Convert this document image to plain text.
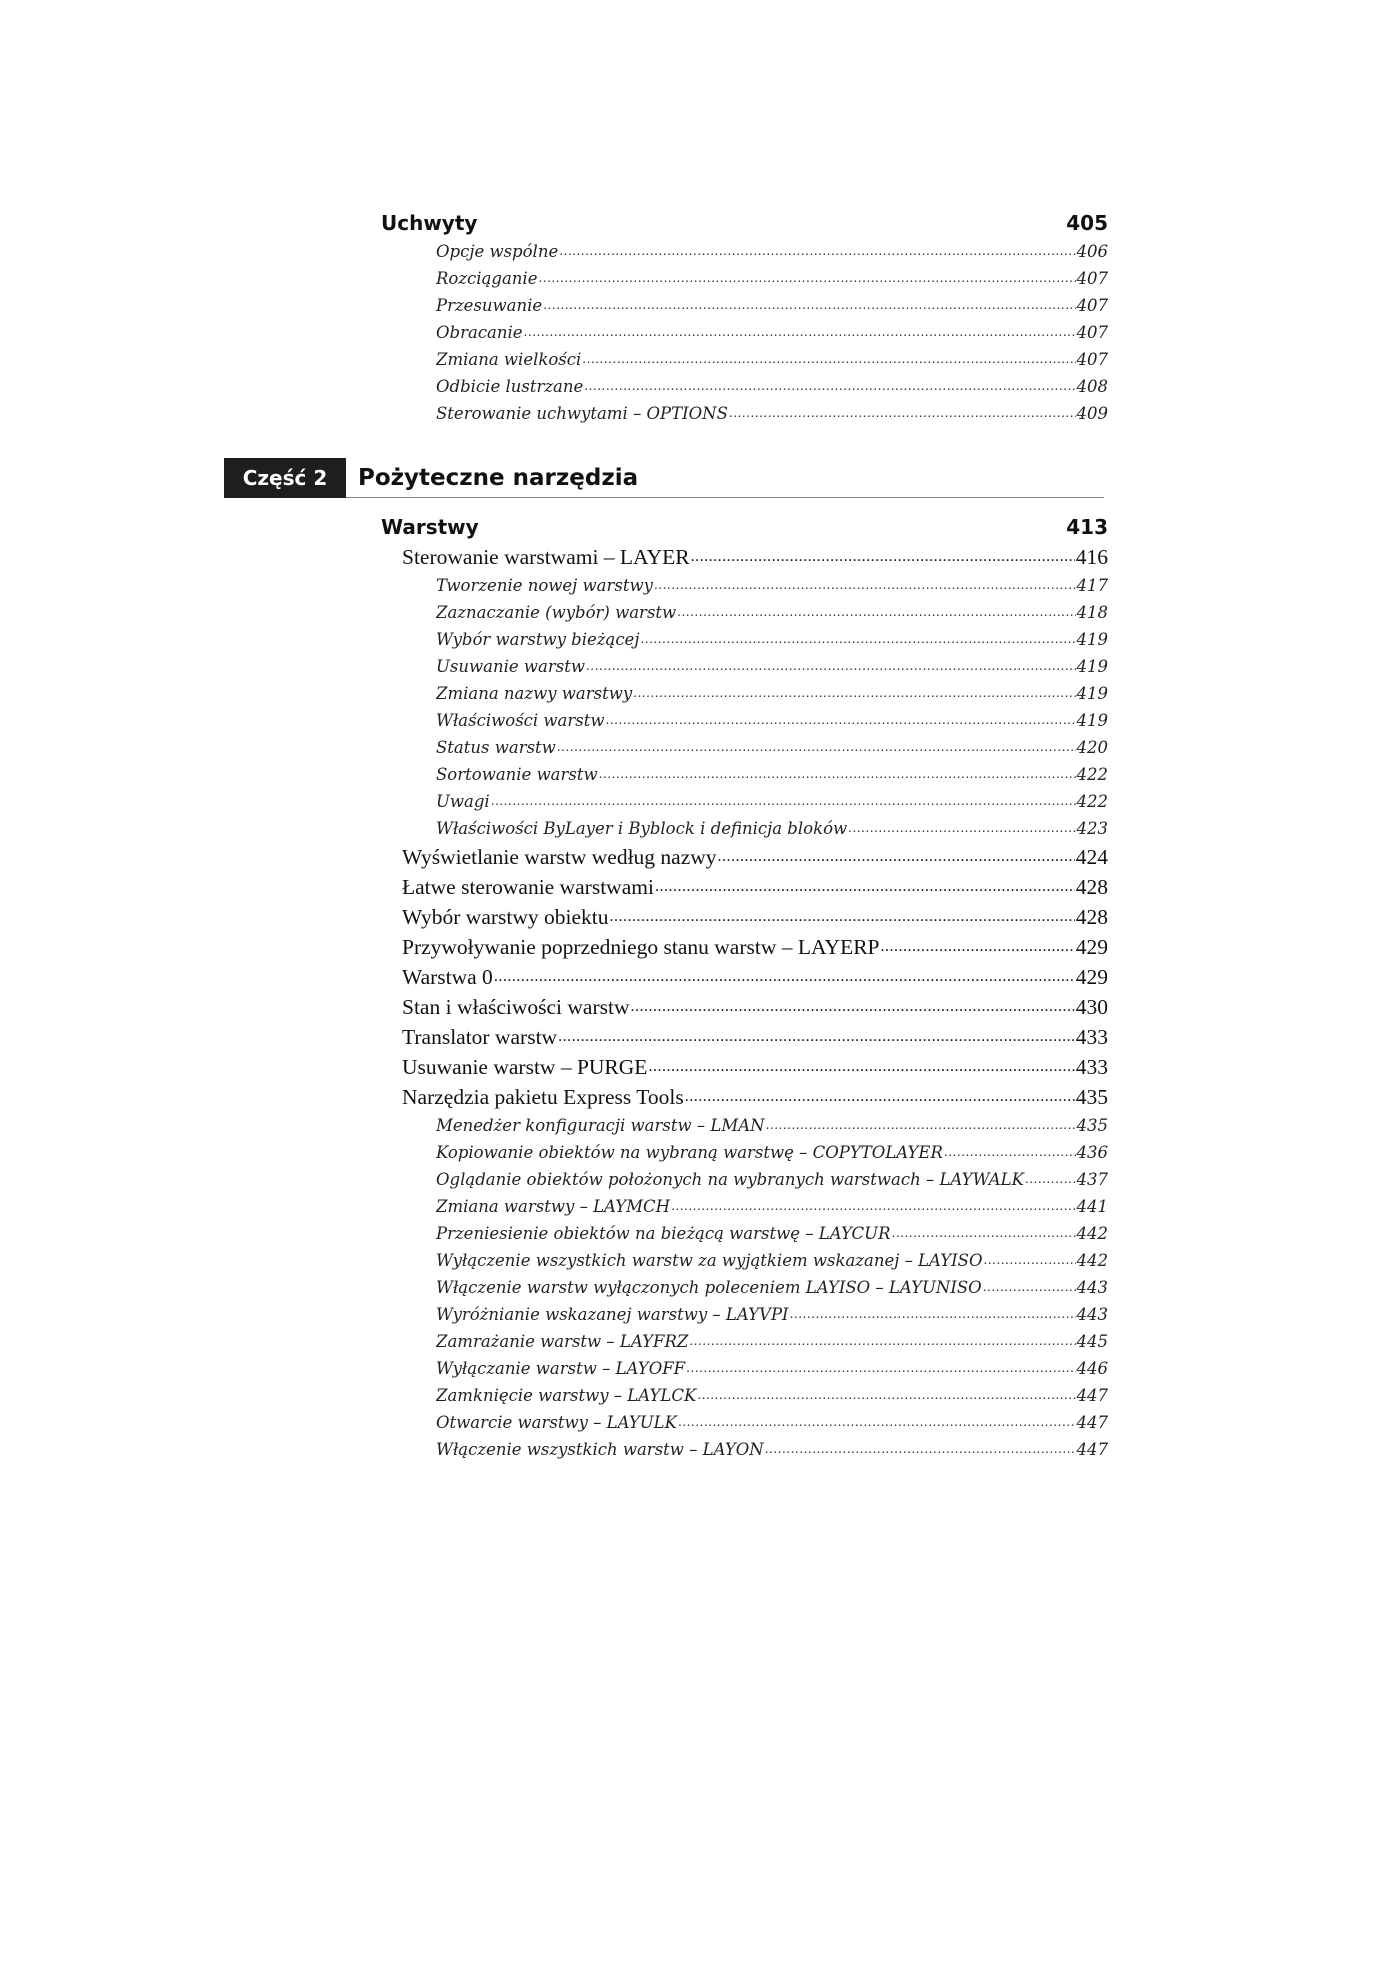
Uchwyty	405
Opcje wspólne .....	406
Rozciąganie .....	407
Przesuwanie .....	407
Obracanie .....	407
Zmiana wielkości .....	407
Odbicie lustrzane .....	408
Sterowanie uchwytami – OPTIONS .....	409
Część 2	Pożyteczne narzędzia
Warstwy	413
Sterowanie warstwami – LAYER .....	416
Tworzenie nowej warstwy .....	417
Zaznaczanie (wybór) warstw .....	418
Wybór warstwy bieżącej .....	419
Usuwanie warstw .....	419
Zmiana nazwy warstwy .....	419
Właściwości warstw .....	419
Status warstw .....	420
Sortowanie warstw .....	422
Uwagi .....	422
Właściwości ByLayer i Byblock i definicja bloków .....	423
Wyświetlanie warstw według nazwy .....	424
Łatwe sterowanie warstwami .....	428
Wybór warstwy obiektu .....	428
Przywoływanie poprzedniego stanu warstw – LAYERP .....	429
Warstwa 0 .....	429
Stan i właściwości warstw .....	430
Translator warstw .....	433
Usuwanie warstw – PURGE .....	433
Narzędzia pakietu Express Tools .....	435
Menedżer konfiguracji warstw – LMAN .....	435
Kopiowanie obiektów na wybraną warstwę – COPYTOLAYER .....	436
Oglądanie obiektów położonych na wybranych warstwach – LAYWALK .....	437
Zmiana warstwy – LAYMCH .....	441
Przeniesienie obiektów na bieżącą warstwę – LAYCUR .....	442
Wyłączenie wszystkich warstw za wyjątkiem wskazanej – LAYISO .....	442
Włączenie warstw wyłączonych poleceniem LAYISO – LAYUNISO .....	443
Wyróżnianie wskazanej warstwy – LAYVPI .....	443
Zamrażanie warstw – LAYFRZ .....	445
Wyłączanie warstw – LAYOFF .....	446
Zamknięcie warstwy – LAYLCK .....	447
Otwarcie warstwy – LAYULK .....	447
Włączenie wszystkich warstw – LAYON .....	447
